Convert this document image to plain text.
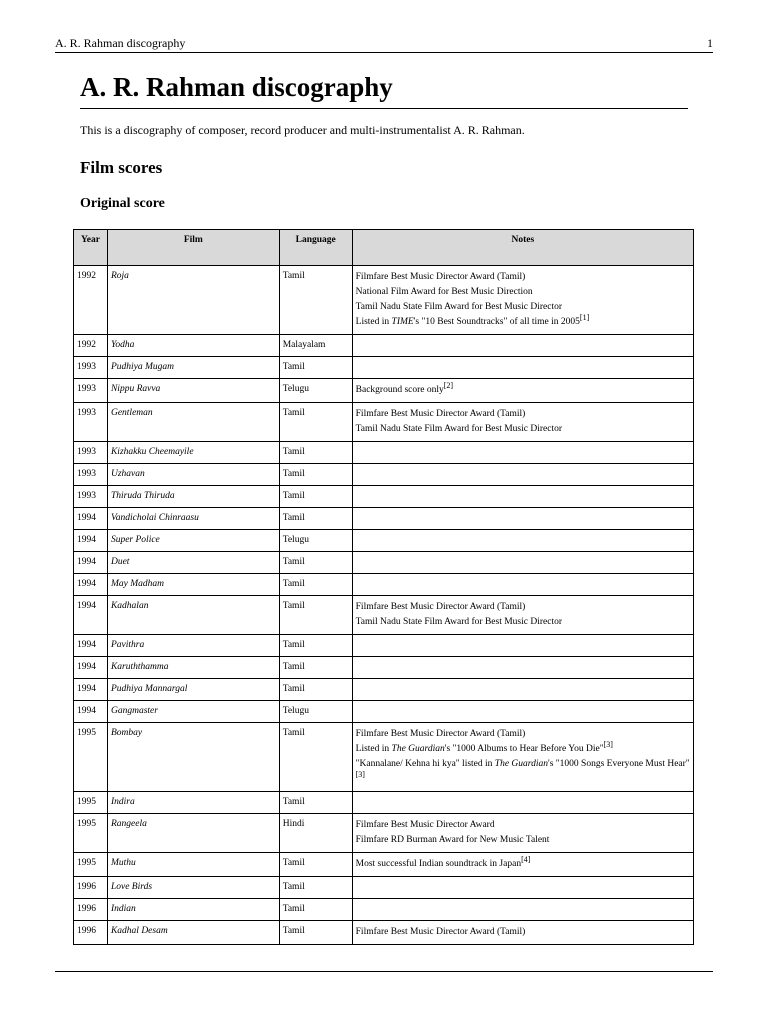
A. R. Rahman discography	1
A. R. Rahman discography

This is a discography of composer, record producer and multi-instrumentalist A. R. Rahman.

Film scores
Original score
Year	Film	Language	Notes
1992	Roja	Tamil	Filmfare Best Music Director Award (Tamil)
National Film Award for Best Music Direction
Tamil Nadu State Film Award for Best Music Director
Listed in TIME's "10 Best Soundtracks" of all time in 2005[1]

1992	Yodha	Malayalam	
1993	Pudhiya Mugam	Tamil	
1993	Nippu Ravva	Telugu	Background score only[2]

1993	Gentleman	Tamil	Filmfare Best Music Director Award (Tamil)
Tamil Nadu State Film Award for Best Music Director

1993	Kizhakku Cheemayile	Tamil	
1993	Uzhavan	Tamil	
1993	Thiruda Thiruda	Tamil	
1994	Vandicholai Chinraasu	Tamil	
1994	Super Police	Telugu	
1994	Duet	Tamil	
1994	May Madham	Tamil	
1994	Kadhalan	Tamil	Filmfare Best Music Director Award (Tamil)
Tamil Nadu State Film Award for Best Music Director

1994	Pavithra	Tamil	
1994	Karuththamma	Tamil	
1994	Pudhiya Mannargal	Tamil	
1994	Gangmaster	Telugu	
1995	Bombay	Tamil	Filmfare Best Music Director Award (Tamil)
Listed in The Guardian's "1000 Albums to Hear Before You Die"[3]
"Kannalane/ Kehna hi kya" listed in The Guardian's "1000 Songs Everyone Must Hear"[3]

1995	Indira	Tamil	
1995	Rangeela	Hindi	Filmfare Best Music Director Award
Filmfare RD Burman Award for New Music Talent

1995	Muthu	Tamil	Most successful Indian soundtrack in Japan[4]

1996	Love Birds	Tamil	
1996	Indian	Tamil	
1996	Kadhal Desam	Tamil	Filmfare Best Music Director Award (Tamil)
